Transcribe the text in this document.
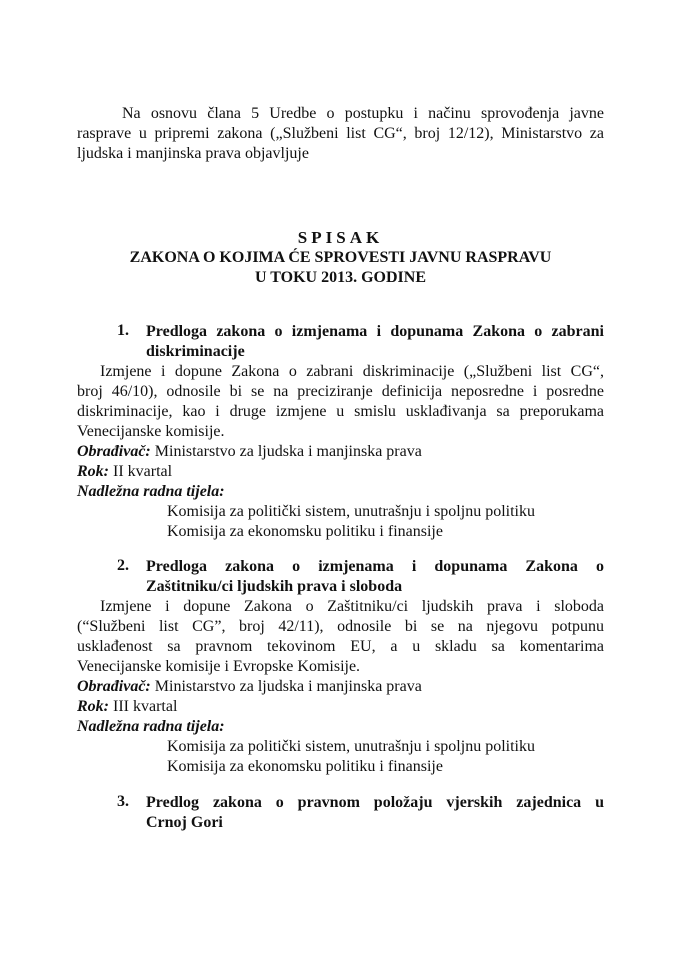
Na osnovu člana 5 Uredbe o postupku i načinu sprovođenja javne
rasprave u pripremi zakona („Službeni list CG“, broj 12/12), Ministarstvo za
ljudska i manjinska prava objavljuje
SPISAK
ZAKONA O KOJIMA ĆE SPROVESTI JAVNU RASPRAVU
U TOKU 2013. GODINE
1.	Predloga zakona o izmjenama i dopunama Zakona o zabrani
diskriminacije
Izmjene i dopune Zakona o zabrani diskriminacije („Službeni list CG“,
broj 46/10), odnosile bi se na preciziranje definicija neposredne i posredne
diskriminacije, kao i druge izmjene u smislu usklađivanja sa preporukama
Venecijanske komisije.
Obrađivač: Ministarstvo za ljudska i manjinska prava
Rok: II kvartal
Nadležna radna tijela:
Komisija za politički sistem, unutrašnju i spoljnu politiku
Komisija za ekonomsku politiku i finansije
2.	Predloga zakona o izmjenama i dopunama Zakona o
Zaštitniku/ci ljudskih prava i sloboda
Izmjene i dopune Zakona o Zaštitniku/ci ljudskih prava i sloboda
(“Službeni list CG”, broj 42/11), odnosile bi se na njegovu potpunu
usklađenost sa pravnom tekovinom EU, a u skladu sa komentarima
Venecijanske komisije i Evropske Komisije.
Obrađivač: Ministarstvo za ljudska i manjinska prava
Rok: III kvartal
Nadležna radna tijela:
Komisija za politički sistem, unutrašnju i spoljnu politiku
Komisija za ekonomsku politiku i finansije
3.	Predlog zakona o pravnom položaju vjerskih zajednica u
Crnoj Gori
